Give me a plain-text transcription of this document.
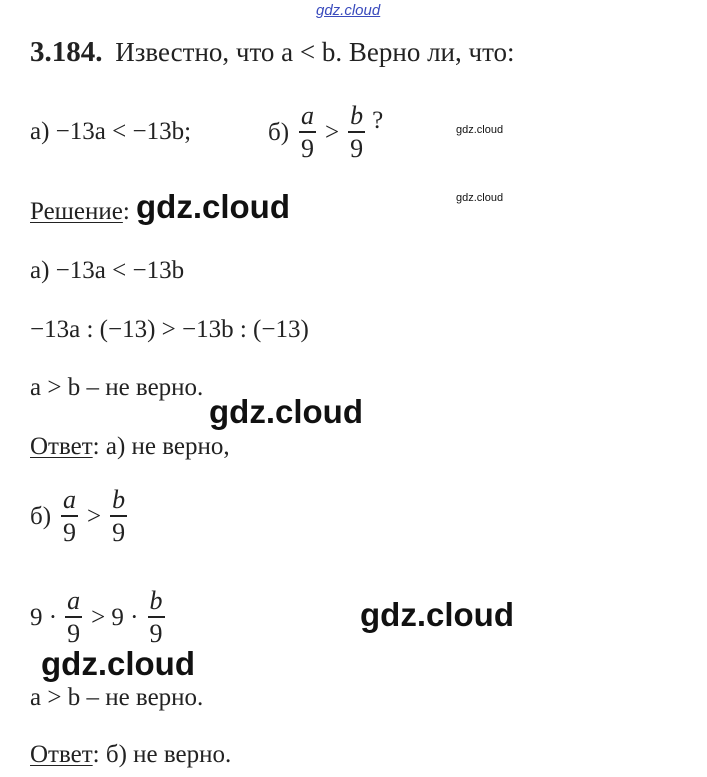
gdz.cloud
gdz.cloud
gdz.cloud
gdz.cloud
gdz.cloud
gdz.cloud
gdz.cloud
3.184. Известно, что a < b. Верно ли, что:
а) −13a < −13b;	$б) \frac{a}{9} > \frac{b}{9}$ ?
Решение:
а) −13a < −13b
−13a : (−13) > −13b : (−13)
a > b – не верно.
Ответ: а) не верно,
$б) \frac{a}{9} > \frac{b}{9}$
$9 \cdot \frac{a}{9} > 9 \cdot \frac{b}{9}$
a > b – не верно.
Ответ: б) не верно.
